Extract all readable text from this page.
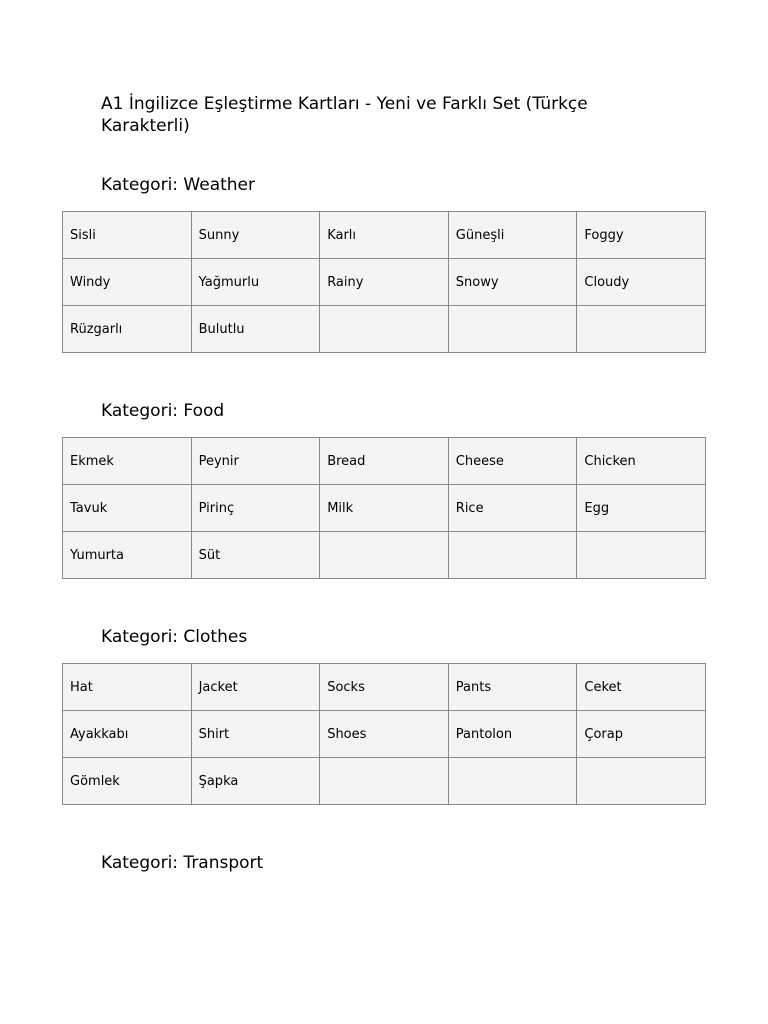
A1 İngilizce Eşleştirme Kartları - Yeni ve Farklı Set (Türkçe Karakterli)
Kategori: Weather
Sisli	Sunny	Karlı	Güneşli	Foggy
Windy	Yağmurlu	Rainy	Snowy	Cloudy
Rüzgarlı	Bulutlu			
Kategori: Food
Ekmek	Peynir	Bread	Cheese	Chicken
Tavuk	Pirinç	Milk	Rice	Egg
Yumurta	Süt			
Kategori: Clothes
Hat	Jacket	Socks	Pants	Ceket
Ayakkabı	Shirt	Shoes	Pantolon	Çorap
Gömlek	Şapka			
Kategori: Transport
